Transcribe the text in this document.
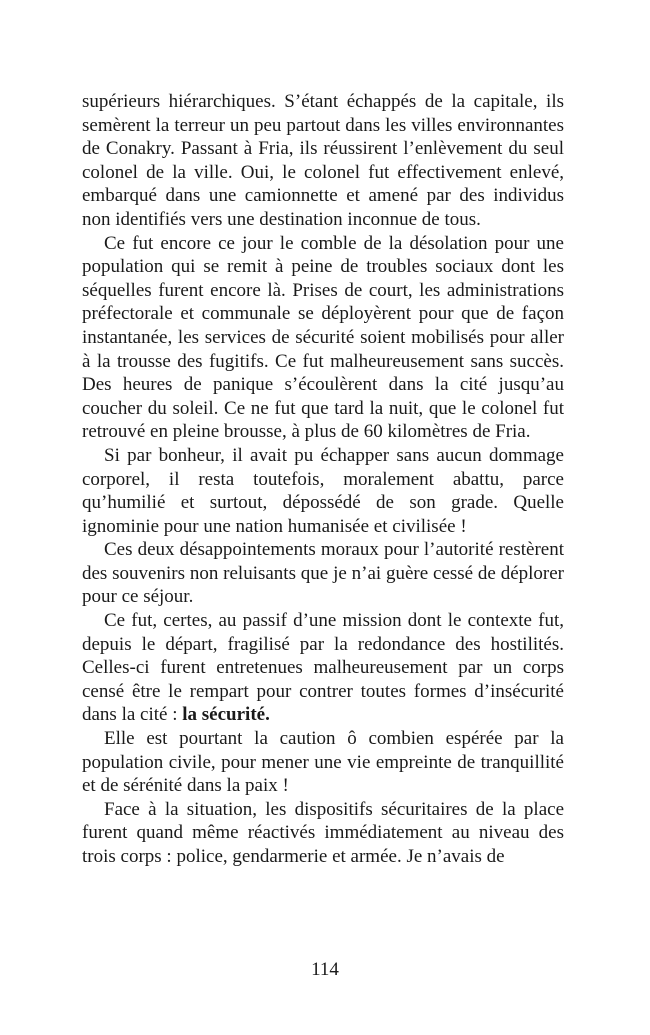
supérieurs hiérarchiques. S’étant échappés de la capitale, ils semèrent la terreur un peu partout dans les villes environnantes de Conakry. Passant à Fria, ils réussirent l’enlèvement du seul colonel de la ville. Oui, le colonel fut effectivement enlevé, embarqué dans une camionnette et amené par des individus non identifiés vers une destination inconnue de tous.

Ce fut encore ce jour le comble de la désolation pour une population qui se remit à peine de troubles sociaux dont les séquelles furent encore là. Prises de court, les administrations préfectorale et communale se déployèrent pour que de façon instantanée, les services de sécurité soient mobilisés pour aller à la trousse des fugitifs. Ce fut malheureusement sans succès. Des heures de panique s’écoulèrent dans la cité jusqu’au coucher du soleil. Ce ne fut que tard la nuit, que le colonel fut retrouvé en pleine brousse, à plus de 60 kilomètres de Fria.

Si par bonheur, il avait pu échapper sans aucun dommage corporel, il resta toutefois, moralement abattu, parce qu’humilié et surtout, dépossédé de son grade. Quelle ignominie pour une nation humanisée et civilisée !

Ces deux désappointements moraux pour l’autorité restèrent des souvenirs non reluisants que je n’ai guère cessé de déplorer pour ce séjour.

Ce fut, certes, au passif d’une mission dont le contexte fut, depuis le départ, fragilisé par la redondance des hostilités. Celles-ci furent entretenues malheureusement par un corps censé être le rempart pour contrer toutes formes d’insécurité dans la cité : la sécurité.

Elle est pourtant la caution ô combien espérée par la population civile, pour mener une vie empreinte de tranquillité et de sérénité dans la paix !

Face à la situation, les dispositifs sécuritaires de la place furent quand même réactivés immédiatement au niveau des trois corps : police, gendarmerie et armée. Je n’avais de

114
